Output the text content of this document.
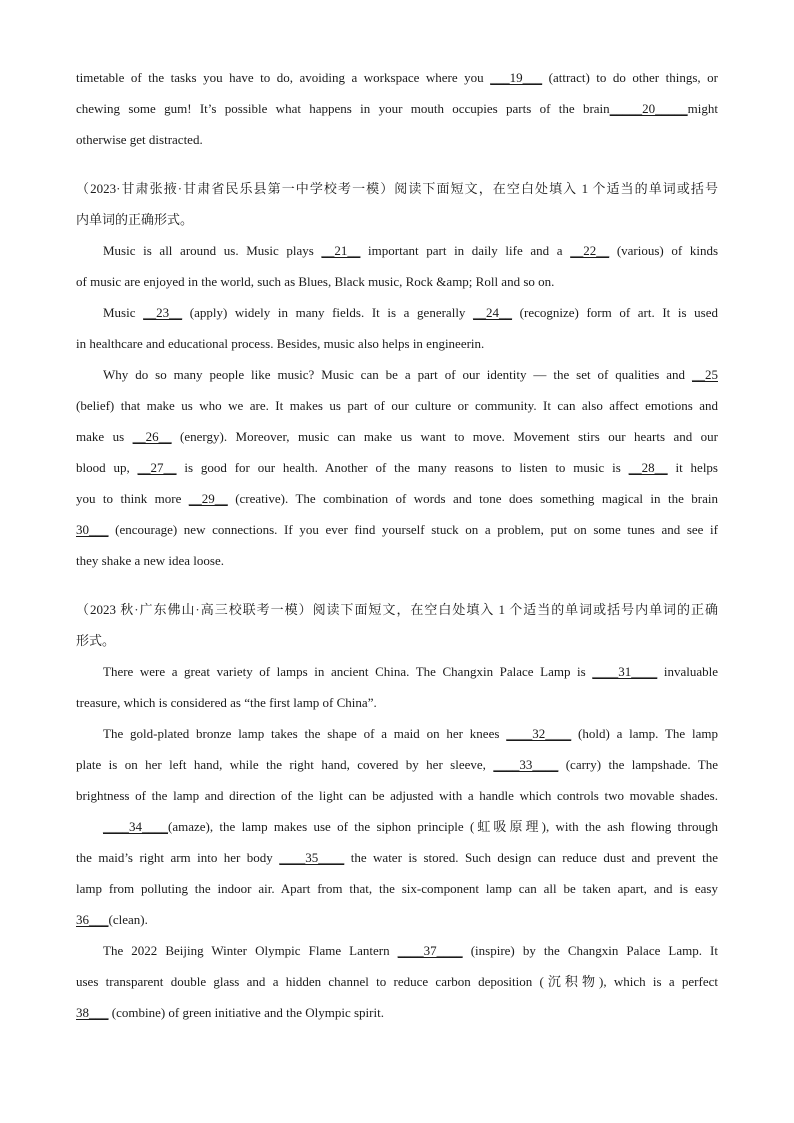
timetable of the tasks you have to do, avoiding a workspace where you ___19___ (attract) to do other things, or
chewing some gum! It’s possible what happens in your mouth occupies parts of the brain_____20_____might
otherwise get distracted.
（2023·甘肃张掖·甘肃省民乐县第一中学校考一模）阅读下面短文，在空白处填入 1 个适当的单词或括号
内单词的正确形式。
Music is all around us. Music plays __21__ important part in daily life and a __22__ (various) of kinds
of music are enjoyed in the world, such as Blues, Black music, Rock &amp; Roll and so on.
Music __23__ (apply) widely in many fields. It is a generally __24__ (recognize) form of art. It is used
in healthcare and educational process. Besides, music also helps in engineerin.
Why do so many people like music? Music can be a part of our identity — the set of qualities and __25
(belief) that make us who we are. It makes us part of our culture or community. It can also affect emotions and
make us __26__ (energy). Moreover, music can make us want to move. Movement stirs our hearts and our
blood up, __27__ is good for our health. Another of the many reasons to listen to music is __28__ it helps
you to think more __29__ (creative). The combination of words and tone does something magical in the brain
30___ (encourage) new connections. If you ever find yourself stuck on a problem, put on some tunes and see if
they shake a new idea loose.
（2023 秋·广东佛山·高三校联考一模）阅读下面短文，在空白处填入 1 个适当的单词或括号内单词的正确
形式。
There were a great variety of lamps in ancient China. The Changxin Palace Lamp is ____31____ invaluable
treasure, which is considered as “the first lamp of China”.
The gold-plated bronze lamp takes the shape of a maid on her knees ____32____ (hold) a lamp. The lamp
plate is on her left hand, while the right hand, covered by her sleeve, ____33____ (carry) the lampshade. The
brightness of the lamp and direction of the light can be adjusted with a handle which controls two movable shades.
____34____(amaze), the lamp makes use of the siphon principle (虹吸原理), with the ash flowing through
the maid’s right arm into her body ____35____ the water is stored. Such design can reduce dust and prevent the
lamp from polluting the indoor air. Apart from that, the six-component lamp can all be taken apart, and is easy
36___(clean).
The 2022 Beijing Winter Olympic Flame Lantern ____37____ (inspire) by the Changxin Palace Lamp. It
uses transparent double glass and a hidden channel to reduce carbon deposition (沉积物), which is a perfect
38___ (combine) of green initiative and the Olympic spirit.
